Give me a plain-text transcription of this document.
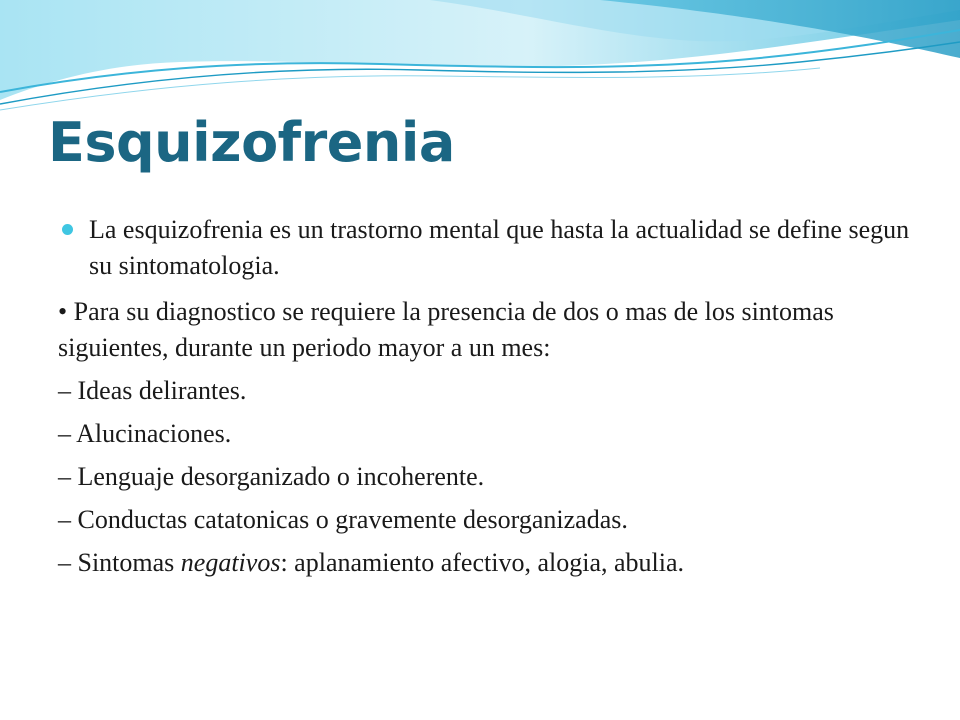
Esquizofrenia

La esquizofrenia es un trastorno mental que hasta la actualidad se define segun su sintomatologia.

• Para su diagnostico se requiere la presencia de dos o mas de los sintomas siguientes, durante un periodo mayor a un mes:

– Ideas delirantes.

– Alucinaciones.

– Lenguaje desorganizado o incoherente.

– Conductas catatonicas o gravemente desorganizadas.

– Sintomas negativos: aplanamiento afectivo, alogia, abulia.
